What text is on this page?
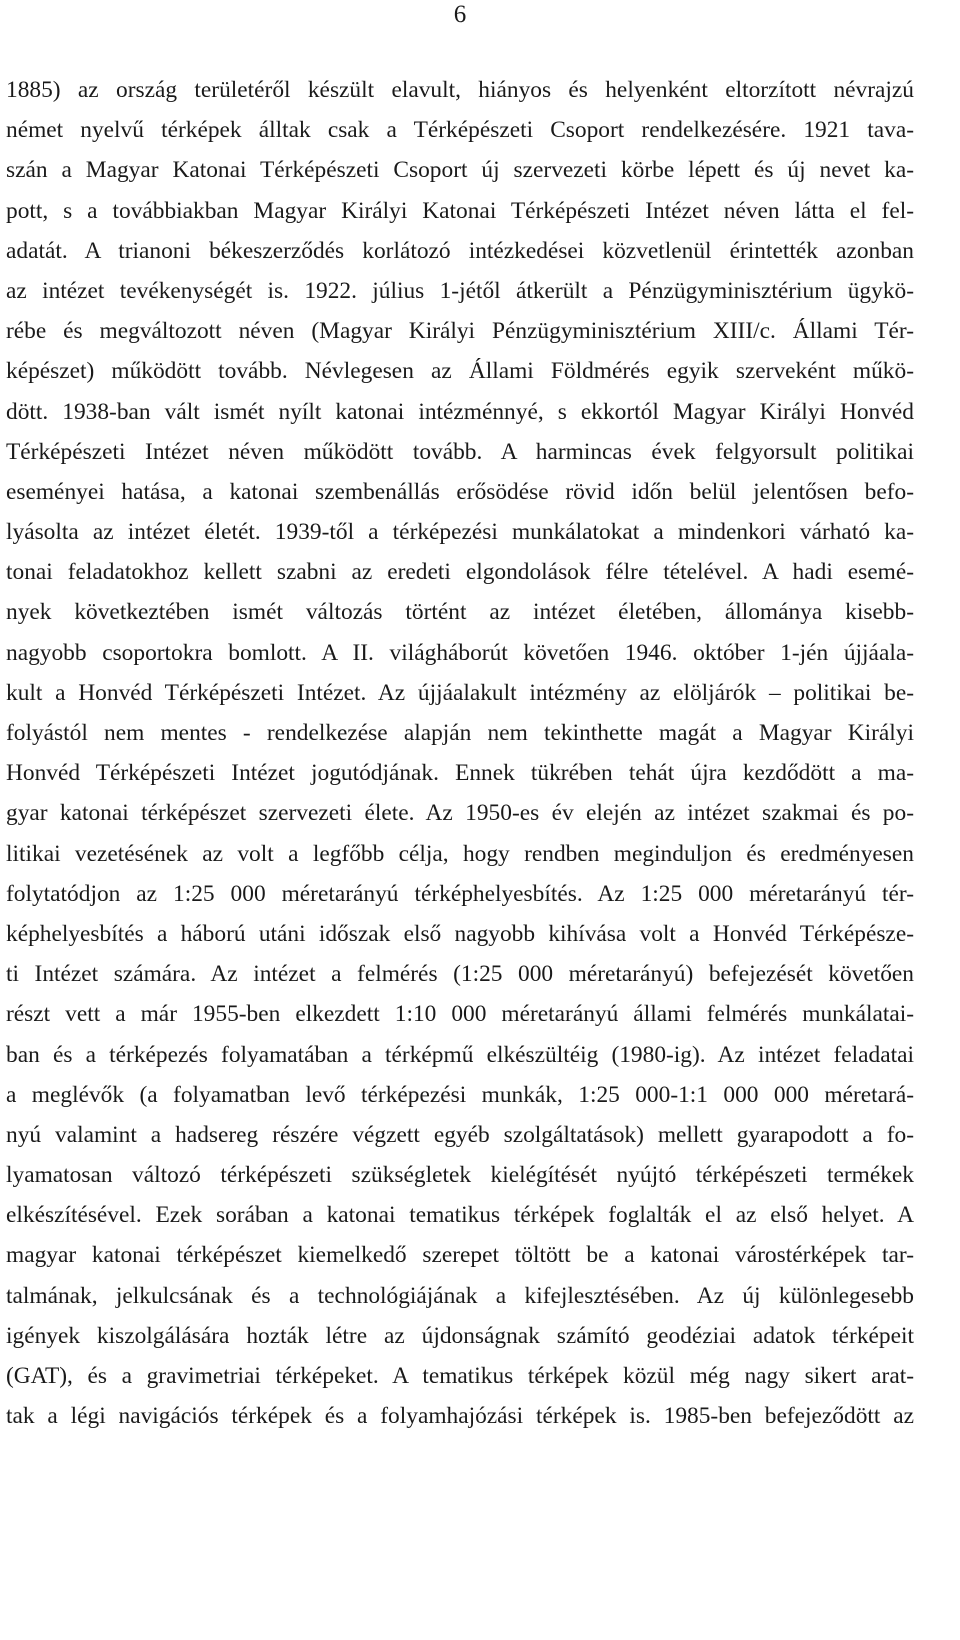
6
1885) az ország területéről készült elavult, hiányos és helyenként eltorzított névrajzú
német nyelvű térképek álltak csak a Térképészeti Csoport rendelkezésére. 1921 tava-
szán a Magyar Katonai Térképészeti Csoport új szervezeti körbe lépett és új nevet ka-
pott, s a továbbiakban Magyar Királyi Katonai Térképészeti Intézet néven látta el fel-
adatát. A trianoni békeszerződés korlátozó intézkedései közvetlenül érintették azonban
az intézet tevékenységét is. 1922. július 1-jétől átkerült a Pénzügyminisztérium ügykö-
rébe és megváltozott néven (Magyar Királyi Pénzügyminisztérium XIII/c. Állami Tér-
képészet) működött tovább. Névlegesen az Állami Földmérés egyik szerveként műkö-
dött. 1938-ban vált ismét nyílt katonai intézménnyé, s ekkortól Magyar Királyi Honvéd
Térképészeti Intézet néven működött tovább. A harmincas évek felgyorsult politikai
eseményei hatása, a katonai szembenállás erősödése rövid időn belül jelentősen befo-
lyásolta az intézet életét. 1939-től a térképezési munkálatokat a mindenkori várható ka-
tonai feladatokhoz kellett szabni az eredeti elgondolások félre tételével. A hadi esemé-
nyek következtében ismét változás történt az intézet életében, állománya kisebb-
nagyobb csoportokra bomlott. A II. világháborút követően 1946. október 1-jén újjáala-
kult a Honvéd Térképészeti Intézet. Az újjáalakult intézmény az elöljárók – politikai be-
folyástól nem mentes - rendelkezése alapján nem tekinthette magát a Magyar Királyi
Honvéd Térképészeti Intézet jogutódjának. Ennek tükrében tehát újra kezdődött a ma-
gyar katonai térképészet szervezeti élete. Az 1950-es év elején az intézet szakmai és po-
litikai vezetésének az volt a legfőbb célja, hogy rendben meginduljon és eredményesen
folytatódjon az 1:25 000 méretarányú térképhelyesbítés. Az 1:25 000 méretarányú tér-
képhelyesbítés a háború utáni időszak első nagyobb kihívása volt a Honvéd Térképésze-
ti Intézet számára. Az intézet a felmérés (1:25 000 méretarányú) befejezését követően
részt vett a már 1955-ben elkezdett 1:10 000 méretarányú állami felmérés munkálatai-
ban és a térképezés folyamatában a térképmű elkészültéig (1980-ig). Az intézet feladatai
a meglévők (a folyamatban levő térképezési munkák, 1:25 000-1:1 000 000 méretará-
nyú valamint a hadsereg részére végzett egyéb szolgáltatások) mellett gyarapodott a fo-
lyamatosan változó térképészeti szükségletek kielégítését nyújtó térképészeti termékek
elkészítésével. Ezek sorában a katonai tematikus térképek foglalták el az első helyet. A
magyar katonai térképészet kiemelkedő szerepet töltött be a katonai várostérképek tar-
talmának, jelkulcsának és a technológiájának a kifejlesztésében. Az új különlegesebb
igények kiszolgálására hozták létre az újdonságnak számító geodéziai adatok térképeit
(GAT), és a gravimetriai térképeket. A tematikus térképek közül még nagy sikert arat-
tak a légi navigációs térképek és a folyamhajózási térképek is. 1985-ben befejeződött az
